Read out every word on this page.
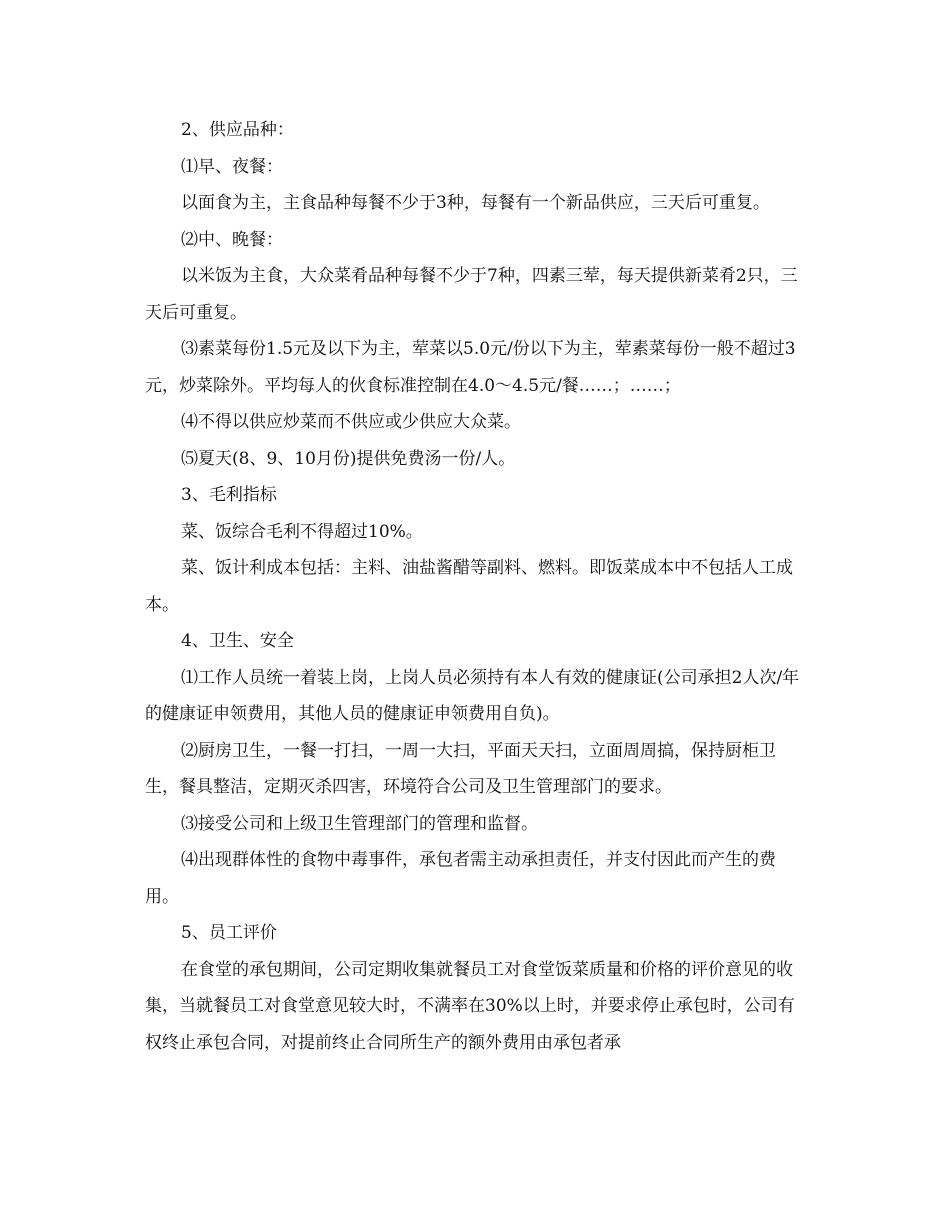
2、供应品种：

⑴早、夜餐：

以面食为主，主食品种每餐不少于3种，每餐有一个新品供应，三天后可重复。

⑵中、晚餐：

以米饭为主食，大众菜肴品种每餐不少于7种，四素三荤，每天提供新菜肴2只，三天后可重复。

⑶素菜每份1.5元及以下为主，荤菜以5.0元/份以下为主，荤素菜每份一般不超过3元，炒菜除外。平均每人的伙食标准控制在4.0～4.5元/餐……；……；

⑷不得以供应炒菜而不供应或少供应大众菜。

⑸夏天(8、9、10月份)提供免费汤一份/人。

3、毛利指标

菜、饭综合毛利不得超过10%。

菜、饭计利成本包括：主料、油盐酱醋等副料、燃料。即饭菜成本中不包括人工成本。

4、卫生、安全

⑴工作人员统一着装上岗，上岗人员必须持有本人有效的健康证(公司承担2人次/年的健康证申领费用，其他人员的健康证申领费用自负)。

⑵厨房卫生，一餐一打扫，一周一大扫，平面天天扫，立面周周搞，保持厨柜卫生，餐具整洁，定期灭杀四害，环境符合公司及卫生管理部门的要求。

⑶接受公司和上级卫生管理部门的管理和监督。

⑷出现群体性的食物中毒事件，承包者需主动承担责任，并支付因此而产生的费用。

5、员工评价

在食堂的承包期间，公司定期收集就餐员工对食堂饭菜质量和价格的评价意见的收集，当就餐员工对食堂意见较大时，不满率在30%以上时，并要求停止承包时，公司有权终止承包合同，对提前终止合同所生产的额外费用由承包者承
